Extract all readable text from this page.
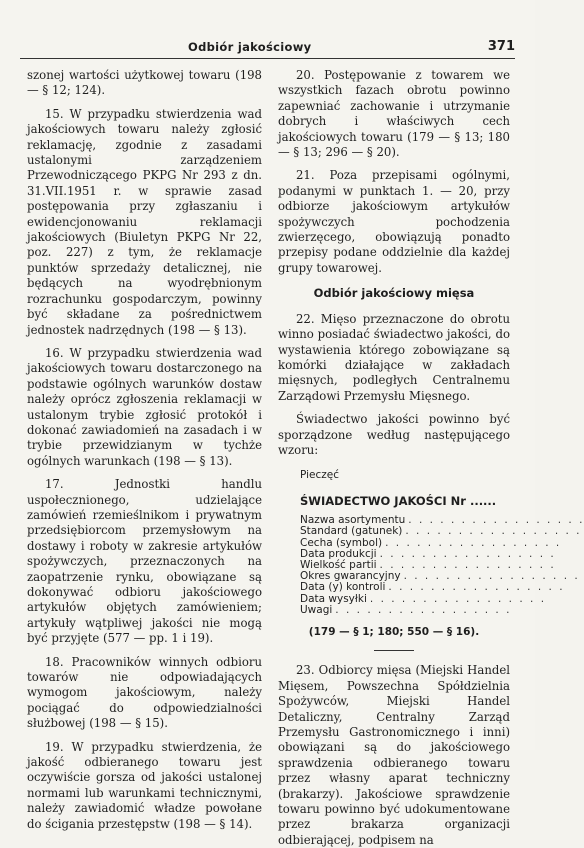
Odbiór jakościowy	371

szonej wartości użytkowej towaru (198 — § 12; 124).

15. W przypadku stwierdzenia wad jakościowych towaru należy zgłosić reklamację, zgodnie z zasadami ustalonymi zarządzeniem Przewodniczącego PKPG Nr 293 z dn. 31.VII.1951 r. w sprawie zasad postępowania przy zgłaszaniu i ewidencjonowaniu reklamacji jakościowych (Biuletyn PKPG Nr 22, poz. 227) z tym, że reklamacje punktów sprzedaży detalicznej, nie będących na wyodrębnionym rozrachunku gospodarczym, powinny być składane za pośrednictwem jednostek nadrzędnych (198 — § 13).

16. W przypadku stwierdzenia wad jakościowych towaru dostarczonego na podstawie ogólnych warunków dostaw należy oprócz zgłoszenia reklamacji w ustalonym trybie zgłosić protokół i dokonać zawiadomień na zasadach i w trybie przewidzianym w tychże ogólnych warunkach (198 — § 13).

17. Jednostki handlu uspołecznionego, udzielające zamówień rzemieślnikom i prywatnym przedsiębiorcom przemysłowym na dostawy i roboty w zakresie artykułów spożywczych, przeznaczonych na zaopatrzenie rynku, obowiązane są dokonywać odbioru jakościowego artykułów objętych zamówieniem; artykuły wątpliwej jakości nie mogą być przyjęte (577 — pp. 1 i 19).

18. Pracowników winnych odbioru towarów nie odpowiadających wymogom jakościowym, należy pociągać do odpowiedzialności służbowej (198 — § 15).

19. W przypadku stwierdzenia, że jakość odbieranego towaru jest oczywiście gorsza od jakości ustalonej normami lub warunkami technicznymi, należy zawiadomić władze powołane do ścigania przestępstw (198 — § 14).

20. Postępowanie z towarem we wszystkich fazach obrotu powinno zapewniać zachowanie i utrzymanie dobrych i właściwych cech jakościowych towaru (179 — § 13; 180 — § 13; 296 — § 20).

21. Poza przepisami ogólnymi, podanymi w punktach 1. — 20, przy odbiorze jakościowym artykułów spożywczych pochodzenia zwierzęcego, obowiązują ponadto przepisy podane oddzielnie dla każdej grupy towarowej.

Odbiór jakościowy mięsa

22. Mięso przeznaczone do obrotu winno posiadać świadectwo jakości, do wystawienia którego zobowiązane są komórki działające w zakładach mięsnych, podległych Centralnemu Zarządowi Przemysłu Mięsnego.

Świadectwo jakości powinno być sporządzone według następującego wzoru:

Pieczęć
ŚWIADECTWO JAKOŚCI Nr ......
Nazwa asortymentu . . . . . . . . . . . . . . . . .
Standard (gatunek) . . . . . . . . . . . . . . . . .
Cecha (symbol) . . . . . . . . . . . . . . . . .
Data produkcji . . . . . . . . . . . . . . . . .
Wielkość partii . . . . . . . . . . . . . . . . .
Okres gwarancyjny . . . . . . . . . . . . . . . . .
Data (y) kontroli . . . . . . . . . . . . . . . . .
Data wysyłki . . . . . . . . . . . . . . . . .
Uwagi . . . . . . . . . . . . . . . . .
(179 — § 1; 180; 550 — § 16).

23. Odbiorcy mięsa (Miejski Handel Mięsem, Powszechna Spółdzielnia Spożywców, Miejski Handel Detaliczny, Centralny Zarząd Przemysłu Gastronomicznego i inni) obowiązani są do jakościowego sprawdzenia odbieranego towaru przez własny aparat techniczny (brakarzy). Jakościowe sprawdzenie towaru powinno być udokumentowane przez brakarza organizacji odbierającej, podpisem na
